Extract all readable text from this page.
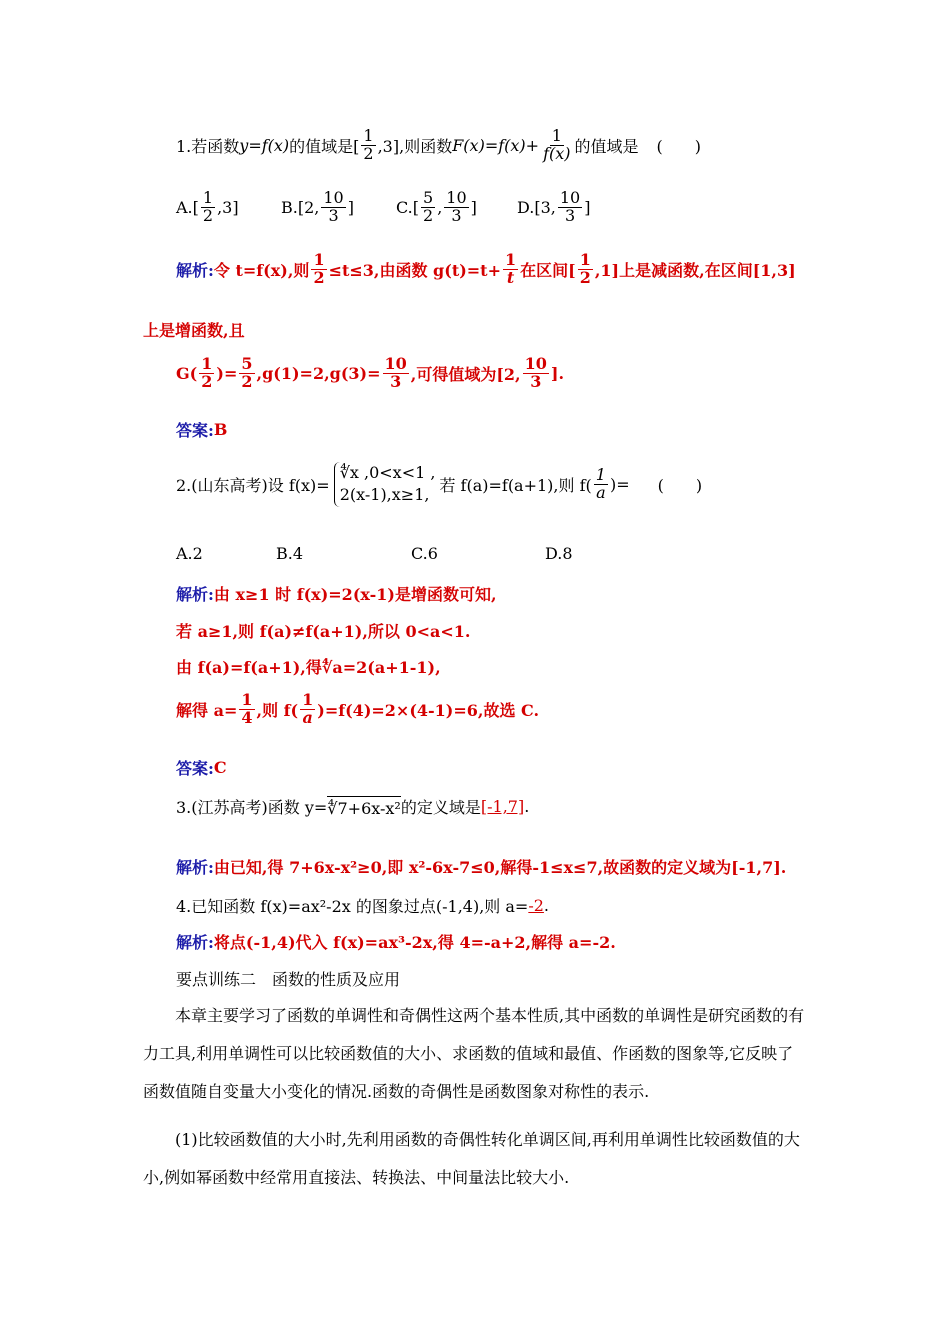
1.若函数 y=f(x) 的值域是[ $\frac{1}{2} ,3$],则函数 $F(x)=f(x)+ \frac{1}{f(x)}$ 的值域是 (　　)
$A.[ \frac{1}{2} ,3]$	B.[2, $\frac{10}{3}$ ]	$C.[ \frac{5}{2}$ , $\frac{10}{3}$ ]	D.[3, $\frac{10}{3}$ ]
解析: 令 t=f(x),则 $\frac{1}{2} \le t\le 3$,由函数 $g(t)=t+ \frac{1}{t}$ 在区间[ $\frac{1}{2} ,1$]上是减函数,在区间[1,3]
上是增函数,且
$G( \frac{1}{2}$ )= $\frac{5}{2} ,g(1)=2,g(3)= \frac{10}{3}$ ,可得值域为[2, $\frac{10}{3}$ ].
答案: B
2.(山东高考)设 f(x)=
∜x ,0<x<1 ,
2(x-1),x≥1, 若 f(a)=f(a+1),则 $f( \frac{1}{a}$ )= (　　)
A.2	B.4	C.6	D.8
解析: 由 x≥1 时 f(x)=2(x-1)是增函数可知,
若 a≥1,则 f(a)≠f(a+1),所以 0<a<1.
由 f(a)=f(a+1),得∜a=2(a+1-1),
解得 $a= \frac{1}{4}$ ,则 $f( \frac{1}{a} )=f(4)=2\times(4-1)=6$,故选 C.
答案: C
3.(江苏高考)函数 y= ∜7+6x-x² 的定义域是 [-1,7] .
解析: 由已知,得 7+6x-x²≥0,即 x²-6x-7≤0,解得-1≤x≤7,故函数的定义域为[-1,7].
4.已知函数 f(x)=ax²-2x 的图象过点(-1,4),则 a= -2 .
解析: 将点(-1,4)代入 f(x)=ax³-2x,得 4=-a+2,解得 a=-2.
要点训练二　函数的性质及应用
本章主要学习了函数的单调性和奇偶性这两个基本性质,其中函数的单调性是研究函数的有力工具,利用单调性可以比较函数值的大小、求函数的值域和最值、作函数的图象等,它反映了函数值随自变量大小变化的情况.函数的奇偶性是函数图象对称性的表示.
(1)比较函数值的大小时,先利用函数的奇偶性转化单调区间,再利用单调性比较函数值的大小,例如幂函数中经常用直接法、转换法、中间量法比较大小.
